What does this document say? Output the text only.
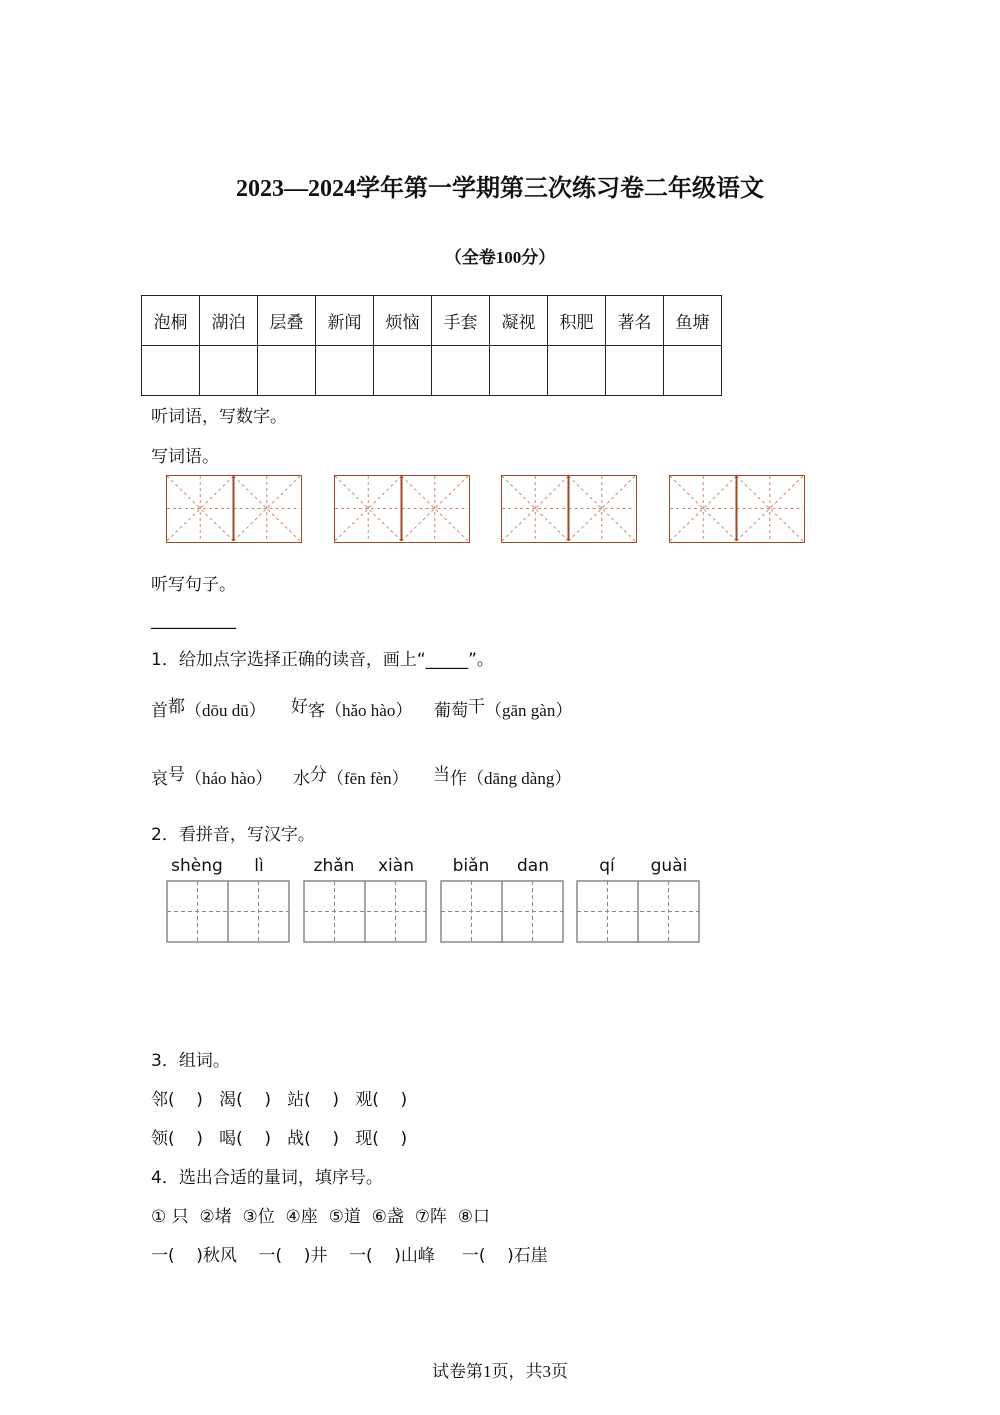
2023—2024学年第一学期第三次练习卷二年级语文
（全卷100分）
泡桐	湖泊	层叠	新闻	烦恼	手套	凝视	积肥	著名	鱼塘

听词语，写数字。
写词语。
听写句子。
__________
1．给加点字选择正确的读音，画上“_____”。
首都（dōu dū） 好客（hǎo hào） 葡萄干（gān gàn）
哀号（háo hào） 水分（fēn fèn） 当作（dāng dàng）
2．看拼音，写汉字。
shèng	lì	zhǎn	xiàn	biǎn	dan	qí	guài
3．组词。
邻(    )   渴(    )   站(    )   观(    )
领(    )   喝(    )   战(    )   现(    )
4．选出合适的量词，填序号。
① 只  ②堵  ③位  ④座  ⑤道  ⑥盏  ⑦阵  ⑧口
一(    )秋风    一(    )井    一(    )山峰     一(    )石崖
试卷第1页，共3页
